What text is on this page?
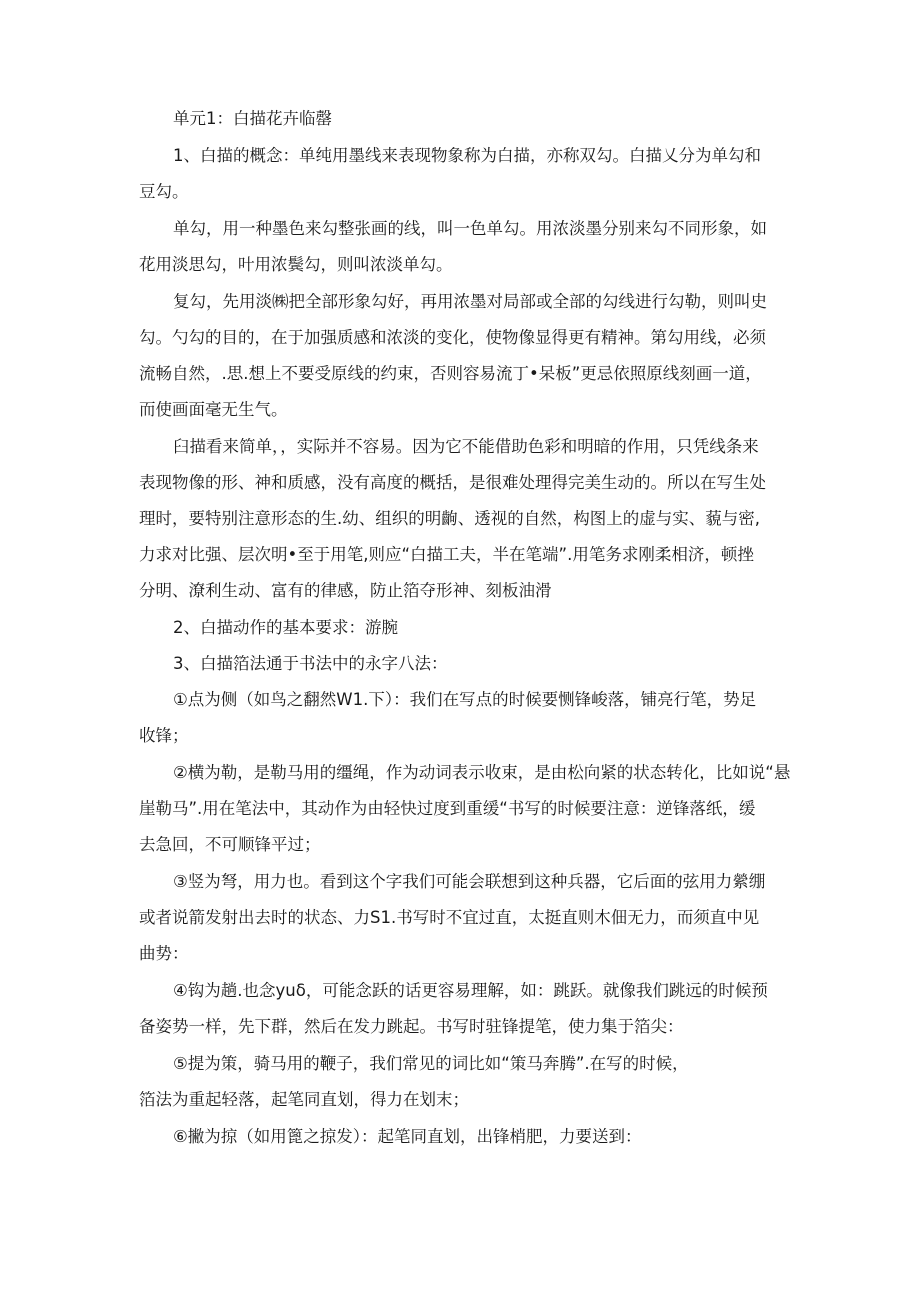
单元1：白描花卉临罄
1、白描的概念：单纯用墨线来表现物象称为白描，亦称双勾。白描乂分为单勾和
豆勾。
单勾，用一种墨色来勾整张画的线，叫一色单勾。用浓淡墨分别来勾不同形象，如
花用淡思勾，叶用浓鬓勾，则叫浓淡单勾。
复勾，先用淡㈱把全部形象勾好，再用浓墨对局部或全部的勾线进行勾勒，则叫史
勾。勺勾的目的，在于加强质感和浓淡的变化，使物像显得更有精神。第勾用线，必须
流畅自然，.思.想上不要受原线的约束，否则容易流丁•呆板”更忌依照原线刻画一道，
而使画面毫无生气。
臼描看来简单，，实际并不容易。因为它不能借助色彩和明暗的作用，只凭线条来
表现物像的形、神和质感，没有高度的概括，是很难处理得完美生动的。所以在写生处
理时，要特别注意形态的生.幼、组织的明齣、透视的自然，构图上的虚与实、藐与密,
力求对比强、层次明•至于用笔,则应“白描工夫，半在笔端”.用笔务求刚柔相济，顿挫
分明、潦利生动、富有的律感，防止箔夺形神、刻板油滑
2、白描动作的基本要求：游腕
3、白描箔法通于书法中的永字八法：
①点为侧（如鸟之翻然W1.下）：我们在写点的时候要恻锋峻落，铺亮行笔，势足
收锋；
②横为勒，是勒马用的缰绳，作为动词表示收束，是由松向紧的状态转化，比如说“悬
崖勒马”.用在笔法中，其动作为由轻快过度到重缓“书写的时候要注意：逆锋落纸，缓
去急回，不可顺锋平过；
③竖为弩，用力也。看到这个字我们可能会联想到这种兵器，它后面的弦用力縈绷
或者说箭发射出去时的状态、力S1.书写时不宜过直，太挺直则木佃无力，而须直中见
曲势：
④钩为趟.也念yuδ，可能念跃的话更容易理解，如：跳跃。就像我们跳远的时候预
备姿势一样，先下群，然后在发力跳起。书写时驻锋提笔，使力集于箔尖：
⑤提为策，骑马用的鞭子，我们常见的词比如“策马奔腾”.在写的时候，
箔法为重起轻落，起笔同直划，得力在划末；
⑥撇为掠（如用篦之掠发）：起笔同直划，出锋梢肥，力要送到：
